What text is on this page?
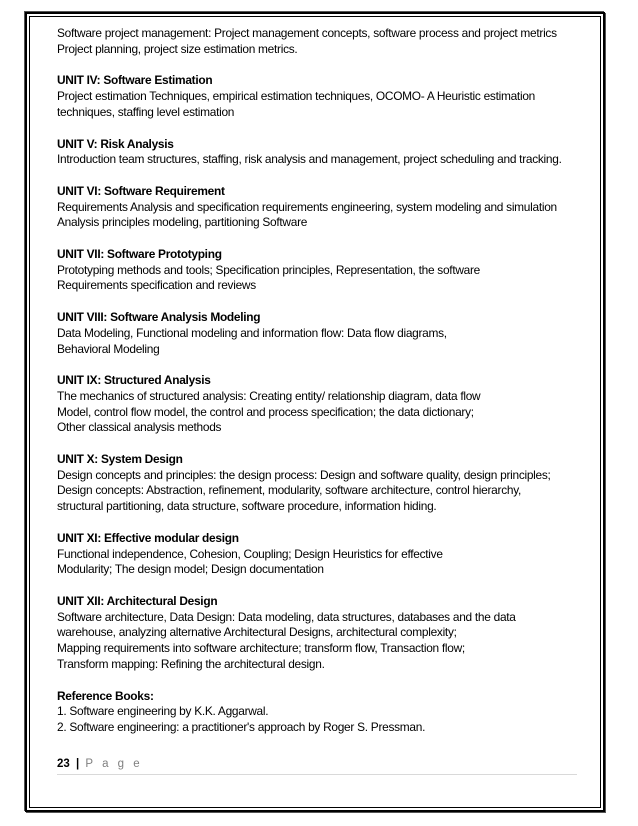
Software project management: Project management concepts, software process and project metrics
Project planning, project size estimation metrics.
UNIT IV: Software Estimation
Project estimation Techniques, empirical estimation techniques, OCOMO- A Heuristic estimation
techniques, staffing level estimation
UNIT V: Risk Analysis
Introduction team structures, staffing, risk analysis and management, project scheduling and tracking.
UNIT VI: Software Requirement
Requirements Analysis and specification requirements engineering, system modeling and simulation
Analysis principles modeling, partitioning Software
UNIT VII: Software Prototyping
Prototyping methods and tools; Specification principles, Representation, the software
Requirements specification and reviews
UNIT VIII: Software Analysis Modeling
Data Modeling, Functional modeling and information flow: Data flow diagrams,
Behavioral Modeling
UNIT IX: Structured Analysis
The mechanics of structured analysis: Creating entity/ relationship diagram, data flow
Model, control flow model, the control and process specification; the data dictionary;
Other classical analysis methods
UNIT X: System Design
Design concepts and principles: the design process: Design and software quality, design principles;
Design concepts: Abstraction, refinement, modularity, software architecture, control hierarchy,
structural partitioning, data structure, software procedure, information hiding.
UNIT XI: Effective modular design
Functional independence, Cohesion, Coupling; Design Heuristics for effective
Modularity; The design model; Design documentation
UNIT XII: Architectural Design
Software architecture, Data Design: Data modeling, data structures, databases and the data
warehouse, analyzing alternative Architectural Designs, architectural complexity;
Mapping requirements into software architecture; transform flow, Transaction flow;
Transform mapping: Refining the architectural design.
Reference Books:
1. Software engineering by K.K. Aggarwal.
2. Software engineering: a practitioner's approach by Roger S. Pressman.
23 | P a g e
